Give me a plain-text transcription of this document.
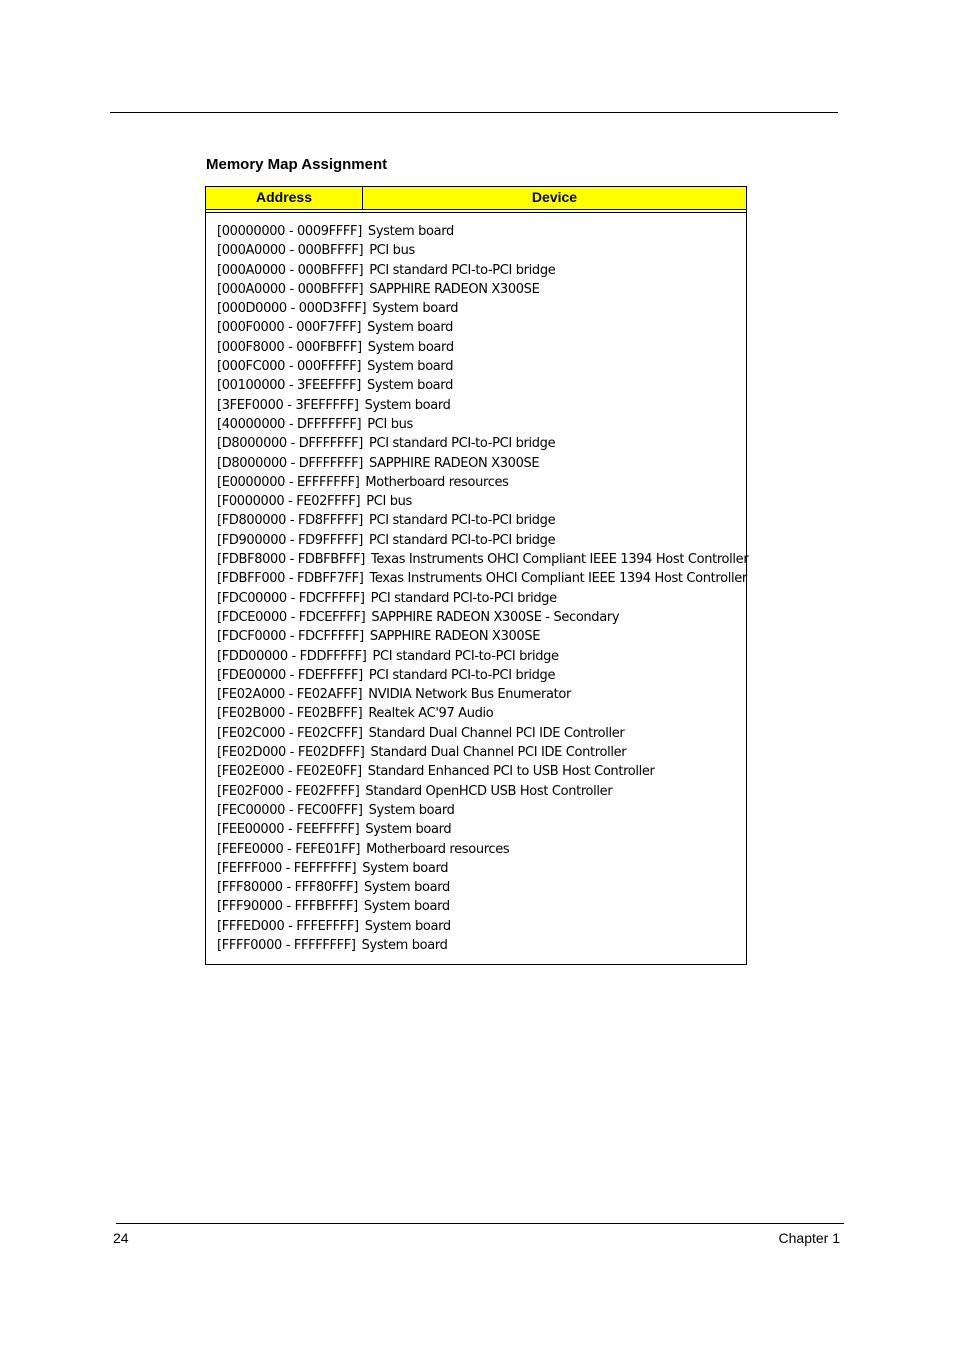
Memory Map Assignment
Address	Device
[00000000 - 0009FFFF] System board
[000A0000 - 000BFFFF] PCI bus
[000A0000 - 000BFFFF] PCI standard PCI-to-PCI bridge
[000A0000 - 000BFFFF] SAPPHIRE RADEON X300SE
[000D0000 - 000D3FFF] System board
[000F0000 - 000F7FFF] System board
[000F8000 - 000FBFFF] System board
[000FC000 - 000FFFFF] System board
[00100000 - 3FEEFFFF] System board
[3FEF0000 - 3FEFFFFF] System board
[40000000 - DFFFFFFF] PCI bus
[D8000000 - DFFFFFFF] PCI standard PCI-to-PCI bridge
[D8000000 - DFFFFFFF] SAPPHIRE RADEON X300SE
[E0000000 - EFFFFFFF] Motherboard resources
[F0000000 - FE02FFFF] PCI bus
[FD800000 - FD8FFFFF] PCI standard PCI-to-PCI bridge
[FD900000 - FD9FFFFF] PCI standard PCI-to-PCI bridge
[FDBF8000 - FDBFBFFF] Texas Instruments OHCI Compliant IEEE 1394 Host Controller
[FDBFF000 - FDBFF7FF] Texas Instruments OHCI Compliant IEEE 1394 Host Controller
[FDC00000 - FDCFFFFF] PCI standard PCI-to-PCI bridge
[FDCE0000 - FDCEFFFF] SAPPHIRE RADEON X300SE - Secondary
[FDCF0000 - FDCFFFFF] SAPPHIRE RADEON X300SE
[FDD00000 - FDDFFFFF] PCI standard PCI-to-PCI bridge
[FDE00000 - FDEFFFFF] PCI standard PCI-to-PCI bridge
[FE02A000 - FE02AFFF] NVIDIA Network Bus Enumerator
[FE02B000 - FE02BFFF] Realtek AC'97 Audio
[FE02C000 - FE02CFFF] Standard Dual Channel PCI IDE Controller
[FE02D000 - FE02DFFF] Standard Dual Channel PCI IDE Controller
[FE02E000 - FE02E0FF] Standard Enhanced PCI to USB Host Controller
[FE02F000 - FE02FFFF] Standard OpenHCD USB Host Controller
[FEC00000 - FEC00FFF] System board
[FEE00000 - FEEFFFFF] System board
[FEFE0000 - FEFE01FF] Motherboard resources
[FEFFF000 - FEFFFFFF] System board
[FFF80000 - FFF80FFF] System board
[FFF90000 - FFFBFFFF] System board
[FFFED000 - FFFEFFFF] System board
[FFFF0000 - FFFFFFFF] System board
24	Chapter 1
